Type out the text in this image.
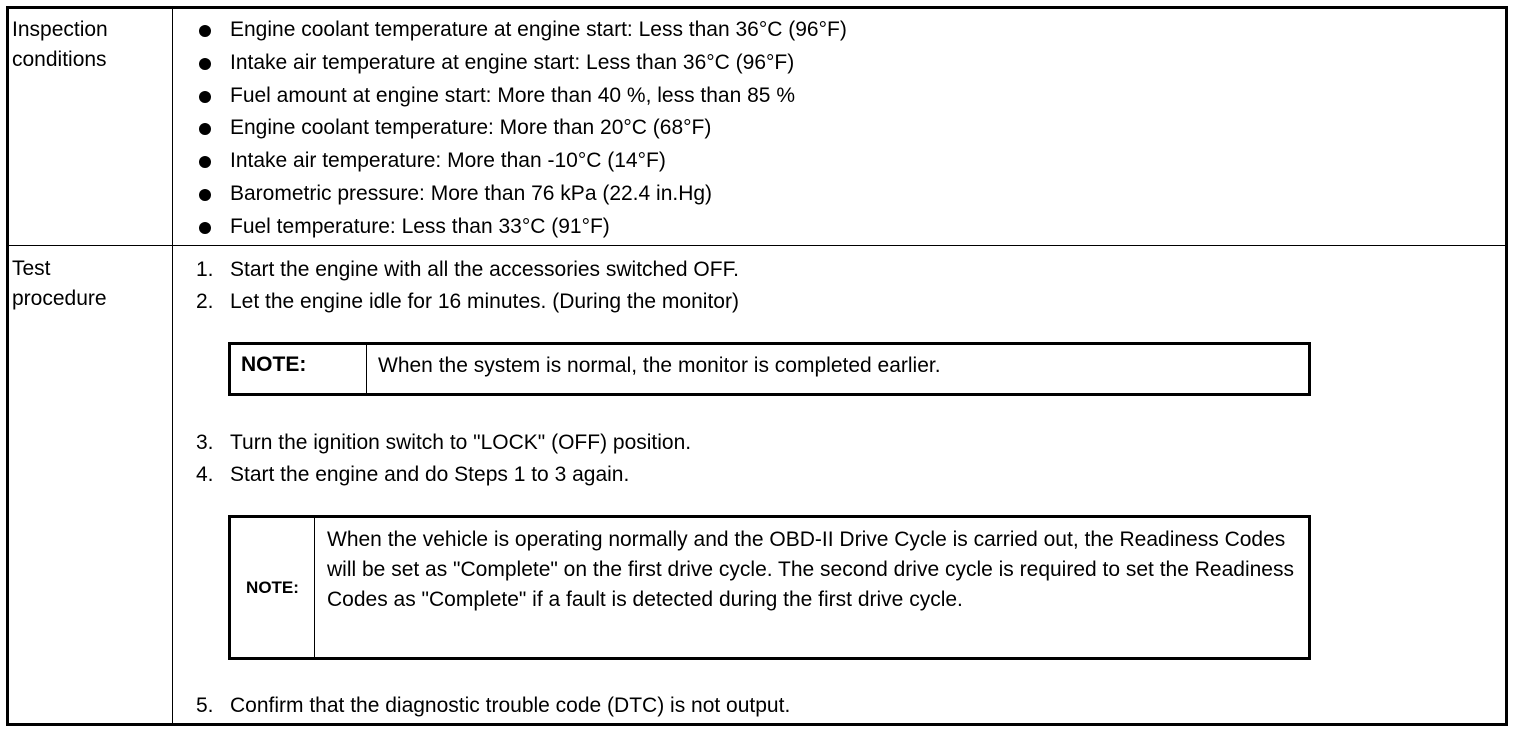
Inspection
conditions
Engine coolant temperature at engine start: Less than 36°C (96°F)
Intake air temperature at engine start: Less than 36°C (96°F)
Fuel amount at engine start: More than 40 %, less than 85 %
Engine coolant temperature: More than 20°C (68°F)
Intake air temperature: More than -10°C (14°F)
Barometric pressure: More than 76 kPa (22.4 in.Hg)
Fuel temperature: Less than 33°C (91°F)
Test
procedure
1. Start the engine with all the accessories switched OFF.
2. Let the engine idle for 16 minutes. (During the monitor)
NOTE:	When the system is normal, the monitor is completed earlier.
3. Turn the ignition switch to "LOCK" (OFF) position.
4. Start the engine and do Steps 1 to 3 again.
NOTE:
When the vehicle is operating normally and the OBD-II Drive Cycle is carried out, the Readiness Codes will be set as "Complete" on the first drive cycle. The second drive cycle is required to set the Readiness Codes as "Complete" if a fault is detected during the first drive cycle.
5. Confirm that the diagnostic trouble code (DTC) is not output.
